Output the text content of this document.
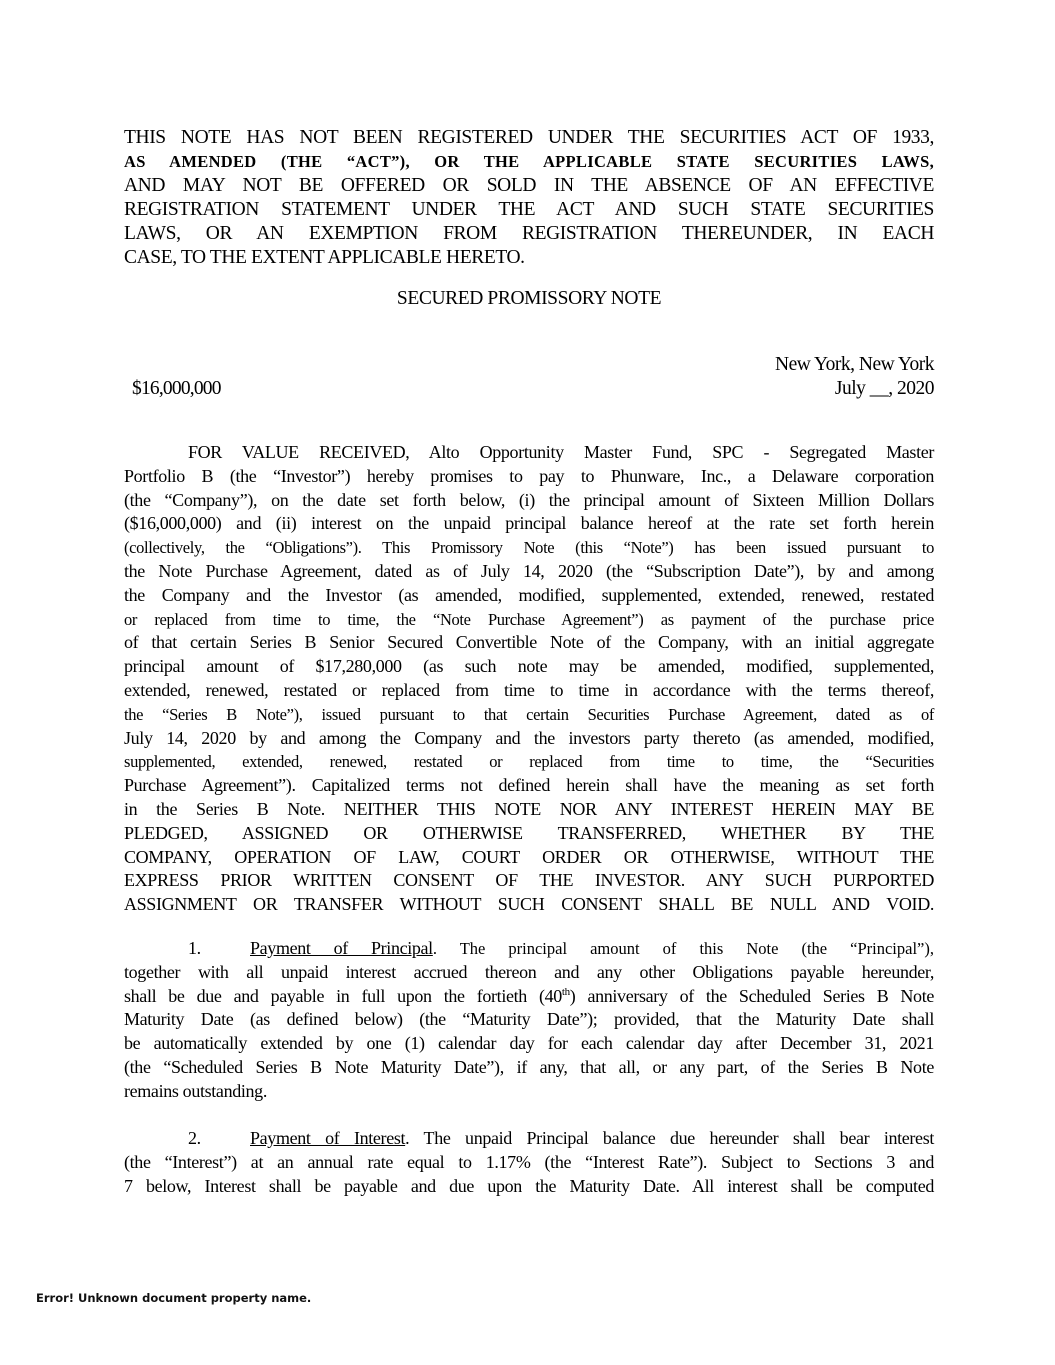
THIS NOTE HAS NOT BEEN REGISTERED UNDER THE SECURITIES ACT OF 1933,
AS AMENDED (THE “ACT”), OR THE APPLICABLE STATE SECURITIES LAWS,
AND MAY NOT BE OFFERED OR SOLD IN THE ABSENCE OF AN EFFECTIVE
REGISTRATION STATEMENT UNDER THE ACT AND SUCH STATE SECURITIES
LAWS, OR AN EXEMPTION FROM REGISTRATION THEREUNDER, IN EACH
CASE, TO THE EXTENT APPLICABLE HERETO.
SECURED PROMISSORY NOTE
New York, New York
$16,000,000	July __, 2020
FOR VALUE RECEIVED, Alto Opportunity Master Fund, SPC - Segregated Master
Portfolio B (the “Investor”) hereby promises to pay to Phunware, Inc., a Delaware corporation
(the “Company”), on the date set forth below, (i) the principal amount of Sixteen Million Dollars
($16,000,000) and (ii) interest on the unpaid principal balance hereof at the rate set forth herein
(collectively, the “Obligations”). This Promissory Note (this “Note”) has been issued pursuant to
the Note Purchase Agreement, dated as of July 14, 2020 (the “Subscription Date”), by and among
the Company and the Investor (as amended, modified, supplemented, extended, renewed, restated
or replaced from time to time, the “Note Purchase Agreement”) as payment of the purchase price
of that certain Series B Senior Secured Convertible Note of the Company, with an initial aggregate
principal amount of $17,280,000 (as such note may be amended, modified, supplemented,
extended, renewed, restated or replaced from time to time in accordance with the terms thereof,
the “Series B Note”), issued pursuant to that certain Securities Purchase Agreement, dated as of
July 14, 2020 by and among the Company and the investors party thereto (as amended, modified,
supplemented, extended, renewed, restated or replaced from time to time, the “Securities
Purchase Agreement”). Capitalized terms not defined herein shall have the meaning as set forth
in the Series B Note. NEITHER THIS NOTE NOR ANY INTEREST HEREIN MAY BE
PLEDGED, ASSIGNED OR OTHERWISE TRANSFERRED, WHETHER BY THE
COMPANY, OPERATION OF LAW, COURT ORDER OR OTHERWISE, WITHOUT THE
EXPRESS PRIOR WRITTEN CONSENT OF THE INVESTOR. ANY SUCH PURPORTED
ASSIGNMENT OR TRANSFER WITHOUT SUCH CONSENT SHALL BE NULL AND VOID.
1.	Payment of Principal. The principal amount of this Note (the “Principal”),
together with all unpaid interest accrued thereon and any other Obligations payable hereunder,
shall be due and payable in full upon the fortieth (40th) anniversary of the Scheduled Series B Note
Maturity Date (as defined below) (the “Maturity Date”); provided, that the Maturity Date shall
be automatically extended by one (1) calendar day for each calendar day after December 31, 2021
(the “Scheduled Series B Note Maturity Date”), if any, that all, or any part, of the Series B Note
remains outstanding.
2.	Payment of Interest. The unpaid Principal balance due hereunder shall bear interest
(the “Interest”) at an annual rate equal to 1.17% (the “Interest Rate”). Subject to Sections 3 and
7 below, Interest shall be payable and due upon the Maturity Date. All interest shall be computed
Error! Unknown document property name.
